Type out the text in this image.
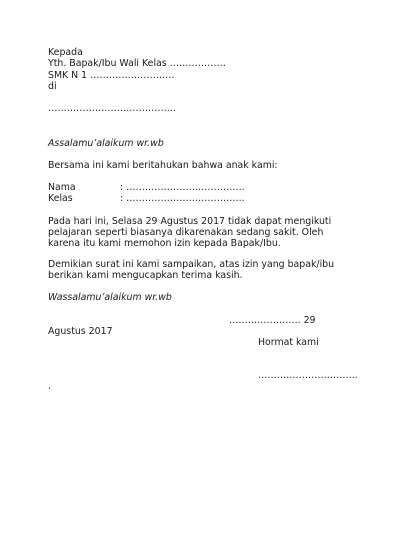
Kepada
Yth. Bapak/Ibu Wali Kelas ………………
SMK N 1 ………………………
di
…………………………………..
Assalamu’alaikum wr.wb
Bersama ini kami beritahukan bahwa anak kami:
Nama	: ………………………………..
Kelas	: ………………………………..
Pada hari ini, Selasa 29 Agustus 2017 tidak dapat mengikuti
pelajaran seperti biasanya dikarenakan sedang sakit. Oleh
karena itu kami memohon izin kepada Bapak/Ibu.
Demikian surat ini kami sampaikan, atas izin yang bapak/ibu
berikan kami mengucapkan terima kasih.
Wassalamu’alaikum wr.wb
………………….. 29
Agustus 2017
Hormat kami
…………………………..
.
